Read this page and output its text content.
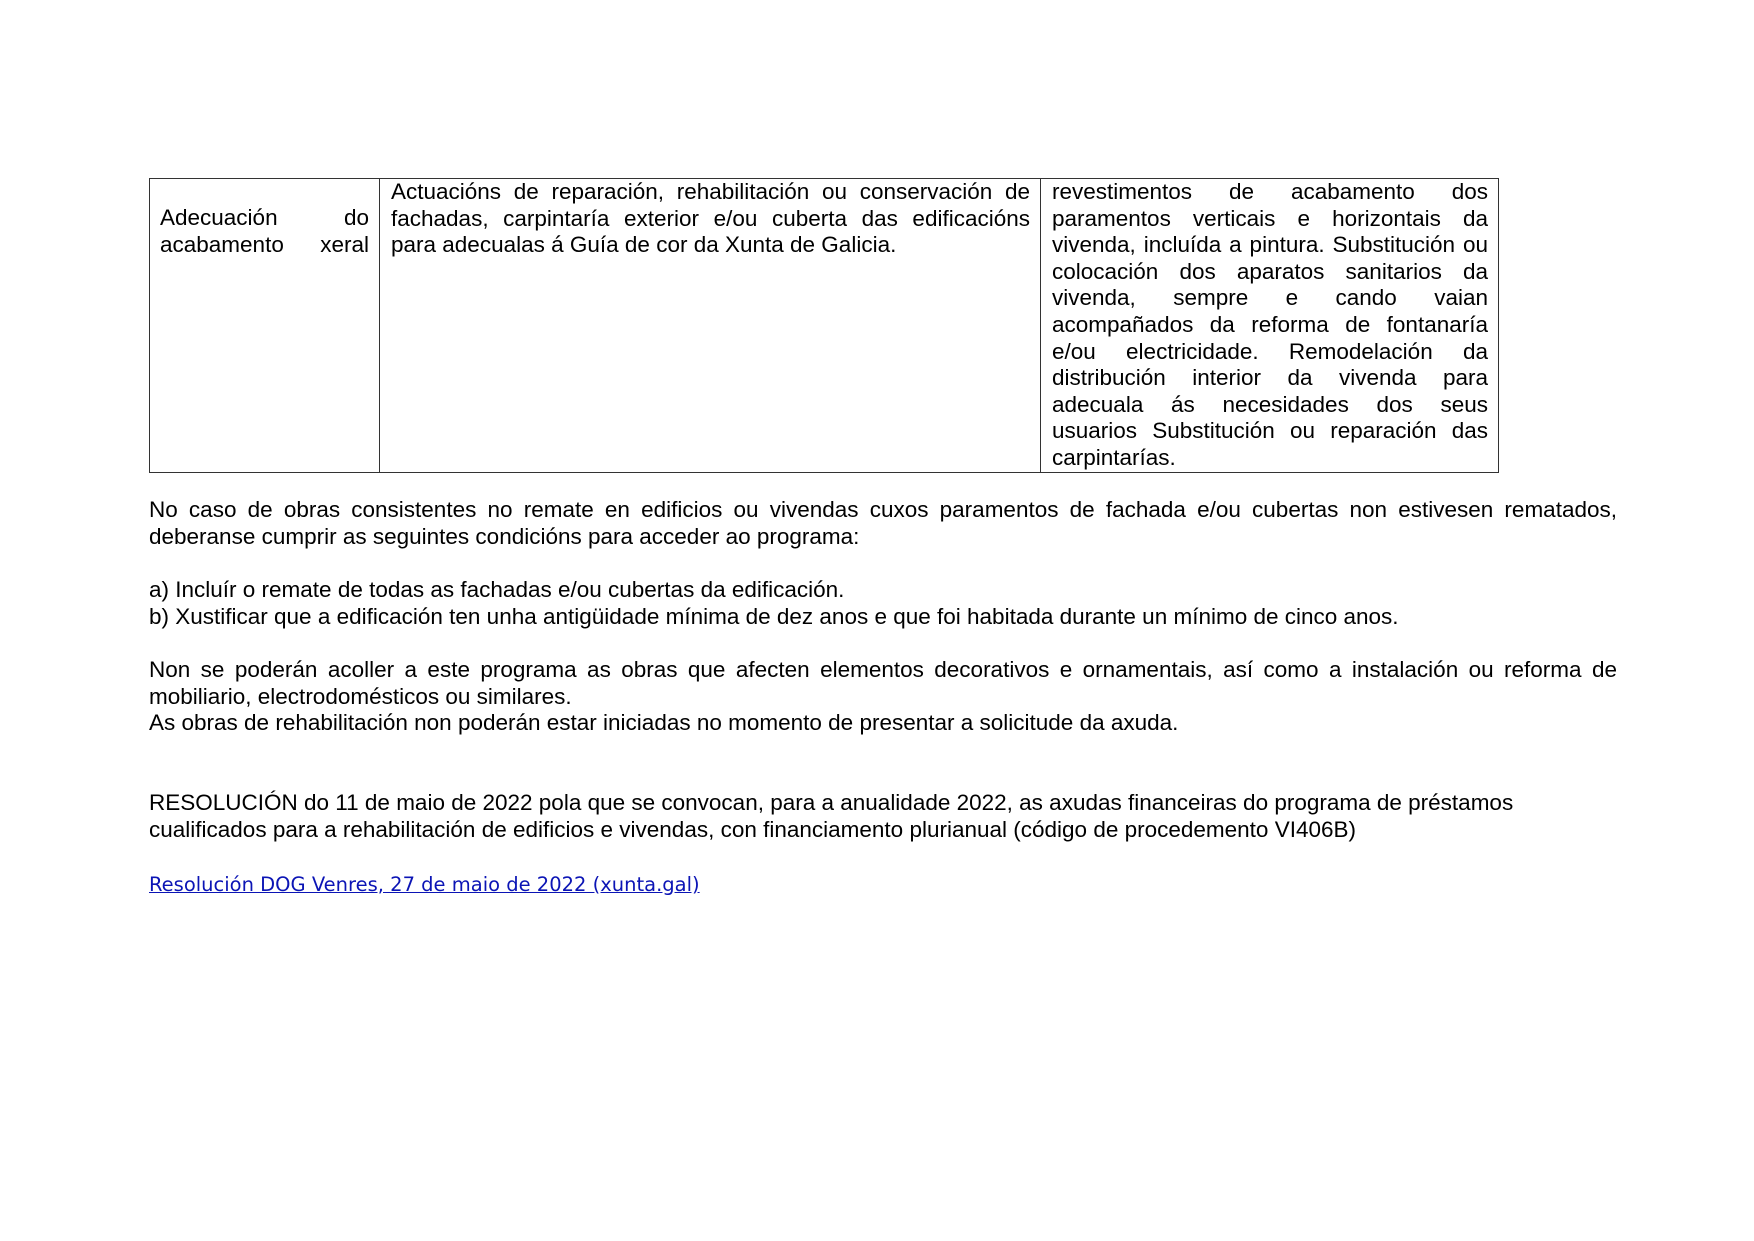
Adecuación do acabamento xeral	Actuacións de reparación, rehabilitación ou conservación de fachadas, carpintaría exterior e/ou cuberta das edificacións para adecualas á Guía de cor da Xunta de Galicia.	revestimentos de acabamento dos paramentos verticais e horizontais da vivenda, incluída a pintura. Substitución ou colocación dos aparatos sanitarios da vivenda, sempre e cando vaian acompañados da reforma de fontanaría e/ou electricidade. Remodelación da distribución interior da vivenda para adecuala ás necesidades dos seus usuarios Substitución ou reparación das carpintarías.

No caso de obras consistentes no remate en edificios ou vivendas cuxos paramentos de fachada e/ou cubertas non estivesen rematados, deberanse cumprir as seguintes condicións para acceder ao programa:

a) Incluír o remate de todas as fachadas e/ou cubertas da edificación.

b) Xustificar que a edificación ten unha antigüidade mínima de dez anos e que foi habitada durante un mínimo de cinco anos.

Non se poderán acoller a este programa as obras que afecten elementos decorativos e ornamentais, así como a instalación ou reforma de mobiliario, electrodomésticos ou similares.

As obras de rehabilitación non poderán estar iniciadas no momento de presentar a solicitude da axuda.

RESOLUCIÓN do 11 de maio de 2022 pola que se convocan, para a anualidade 2022, as axudas financeiras do programa de préstamos cualificados para a rehabilitación de edificios e vivendas, con financiamento plurianual (código de procedemento VI406B)

Resolución DOG Venres, 27 de maio de 2022 (xunta.gal)
